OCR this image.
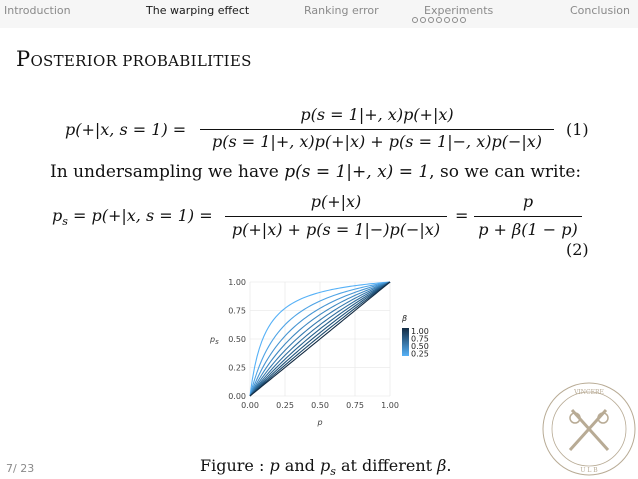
Introduction	The warping effect	Ranking error	Experiments	Conclusion
POSTERIOR PROBABILITIES
p(+|x, s = 1) =
p(s = 1|+, x)p(+|x)
p(s = 1|+, x)p(+|x) + p(s = 1|−, x)p(−|x)
(1)
In undersampling we have p(s = 1|+, x) = 1, so we can write:
$p_s = p(+|x$, s = 1) =
p(+|x)
p(+|x) + p(s = 1|−)p(−|x)
=
p
p + β(1 − p)
(2)
0.00
0.25
0.50
0.75
1.00
0.00 0.25 0.50 0.75 1.00
p
ps
β
1.00
0.75
0.50
0.25
VINCERE
U L B
Figure : p and $p_s$ at different β.
7/ 23
